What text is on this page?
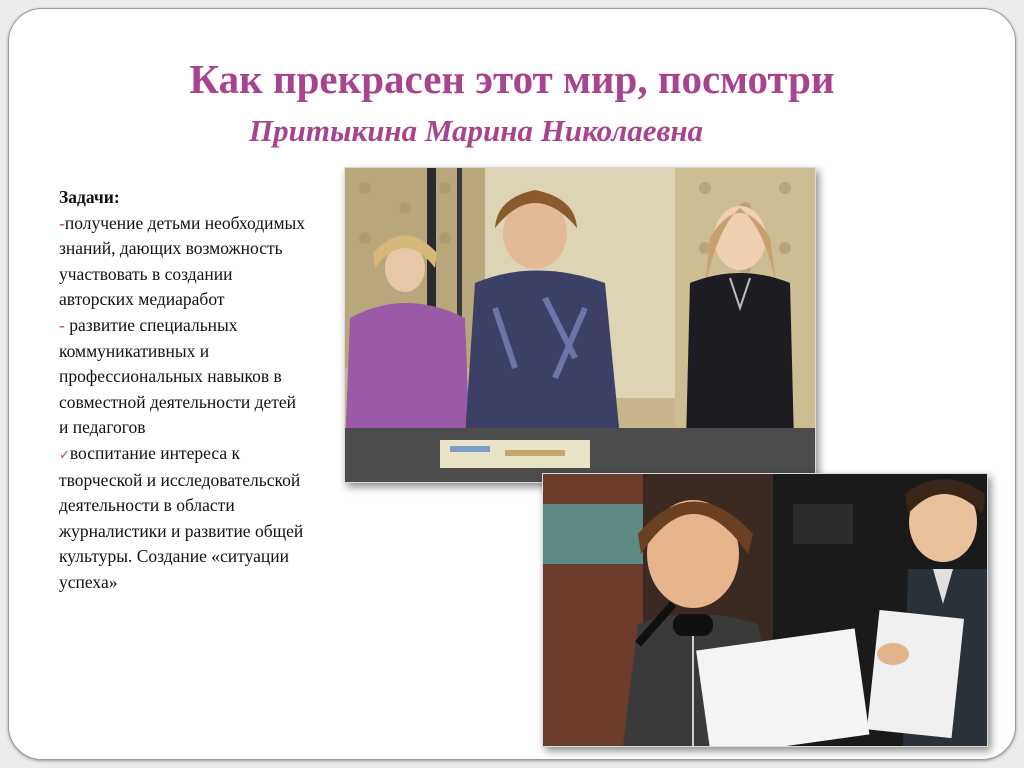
Как прекрасен этот мир, посмотри
Притыкина Марина Николаевна
Задачи:

-получение детьми необходимых знаний, дающих возможность участвовать в создании авторских медиаработ

- развитие специальных коммуникативных и профессиональных навыков в совместной деятельности детей и педагогов

✓воспитание интереса к творческой и исследовательской деятельности в области журналистики и развитие общей культуры. Создание «ситуации успеха»
